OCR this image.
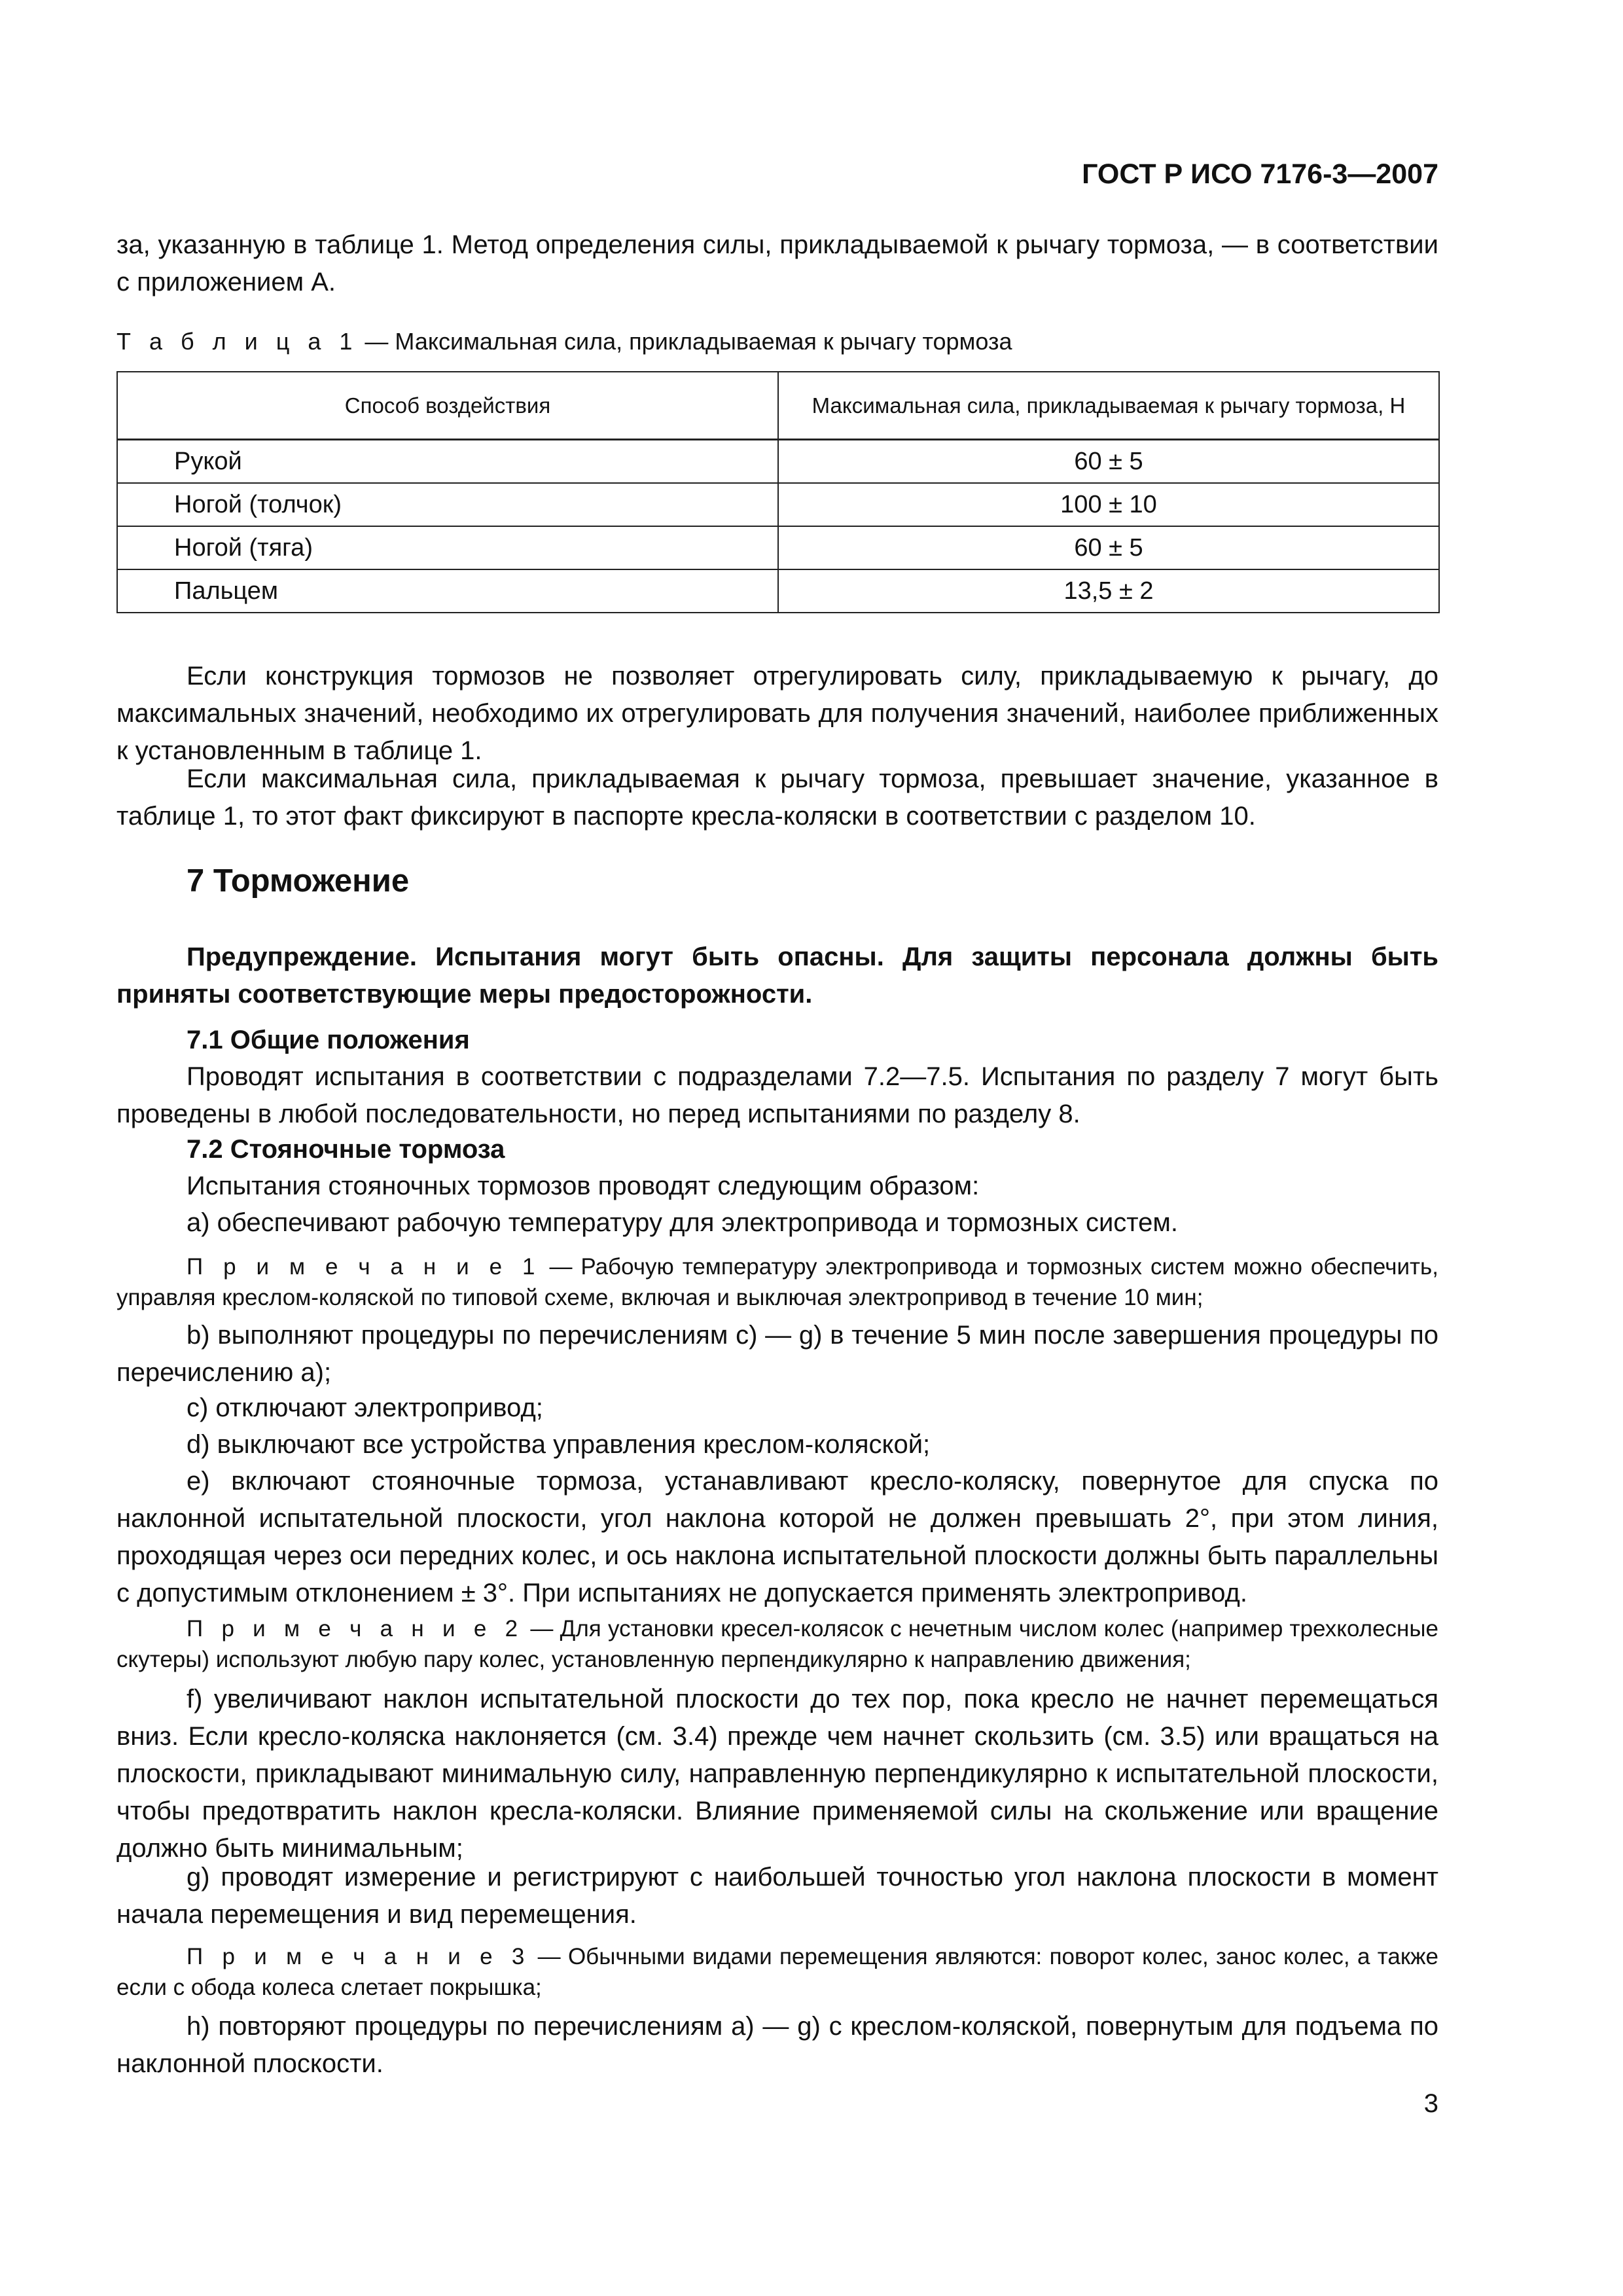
ГОСТ Р ИСО 7176-3—2007

за, указанную в таблице 1. Метод определения силы, прикладываемой к рычагу тормоза, — в соответствии с приложением А.

Т а б л и ц а 1 — Максимальная сила, прикладываемая к рычагу тормоза
Способ воздействия	Максимальная сила, прикладываемая к рычагу тормоза, Н
Рукой	60 ± 5
Ногой (толчок)	100 ± 10
Ногой (тяга)	60 ± 5
Пальцем	13,5 ± 2

Если конструкция тормозов не позволяет отрегулировать силу, прикладываемую к рычагу, до максимальных значений, необходимо их отрегулировать для получения значений, наиболее приближенных к установленным в таблице 1.

Если максимальная сила, прикладываемая к рычагу тормоза, превышает значение, указанное в таблице 1, то этот факт фиксируют в паспорте кресла-коляски в соответствии с разделом 10.

7 Торможение

Предупреждение. Испытания могут быть опасны. Для защиты персонала должны быть приняты соответствующие меры предосторожности.

7.1 Общие положения

Проводят испытания в соответствии с подразделами 7.2—7.5. Испытания по разделу 7 могут быть проведены в любой последовательности, но перед испытаниями по разделу 8.

7.2 Стояночные тормоза

Испытания стояночных тормозов проводят следующим образом:

а) обеспечивают рабочую температуру для электропривода и тормозных систем.

П р и м е ч а н и е 1 — Рабочую температуру электропривода и тормозных систем можно обеспечить, управляя креслом-коляской по типовой схеме, включая и выключая электропривод в течение 10 мин;

b) выполняют процедуры по перечислениям с) — g) в течение 5 мин после завершения процедуры по перечислению а);

с) отключают электропривод;

d) выключают все устройства управления креслом-коляской;

е) включают стояночные тормоза, устанавливают кресло-коляску, повернутое для спуска по наклонной испытательной плоскости, угол наклона которой не должен превышать 2°, при этом линия, проходящая через оси передних колес, и ось наклона испытательной плоскости должны быть параллельны с допустимым отклонением ± 3°. При испытаниях не допускается применять электропривод.

П р и м е ч а н и е 2 — Для установки кресел-колясок с нечетным числом колес (например трехколесные скутеры) используют любую пару колес, установленную перпендикулярно к направлению движения;

f) увеличивают наклон испытательной плоскости до тех пор, пока кресло не начнет перемещаться вниз. Если кресло-коляска наклоняется (см. 3.4) прежде чем начнет скользить (см. 3.5) или вращаться на плоскости, прикладывают минимальную силу, направленную перпендикулярно к испытательной плоскости, чтобы предотвратить наклон кресла-коляски. Влияние применяемой силы на скольжение или вращение должно быть минимальным;

g) проводят измерение и регистрируют с наибольшей точностью угол наклона плоскости в момент начала перемещения и вид перемещения.

П р и м е ч а н и е 3 — Обычными видами перемещения являются: поворот колес, занос колес, а также если с обода колеса слетает покрышка;

h) повторяют процедуры по перечислениям а) — g) с креслом-коляской, повернутым для подъема по наклонной плоскости.

3
